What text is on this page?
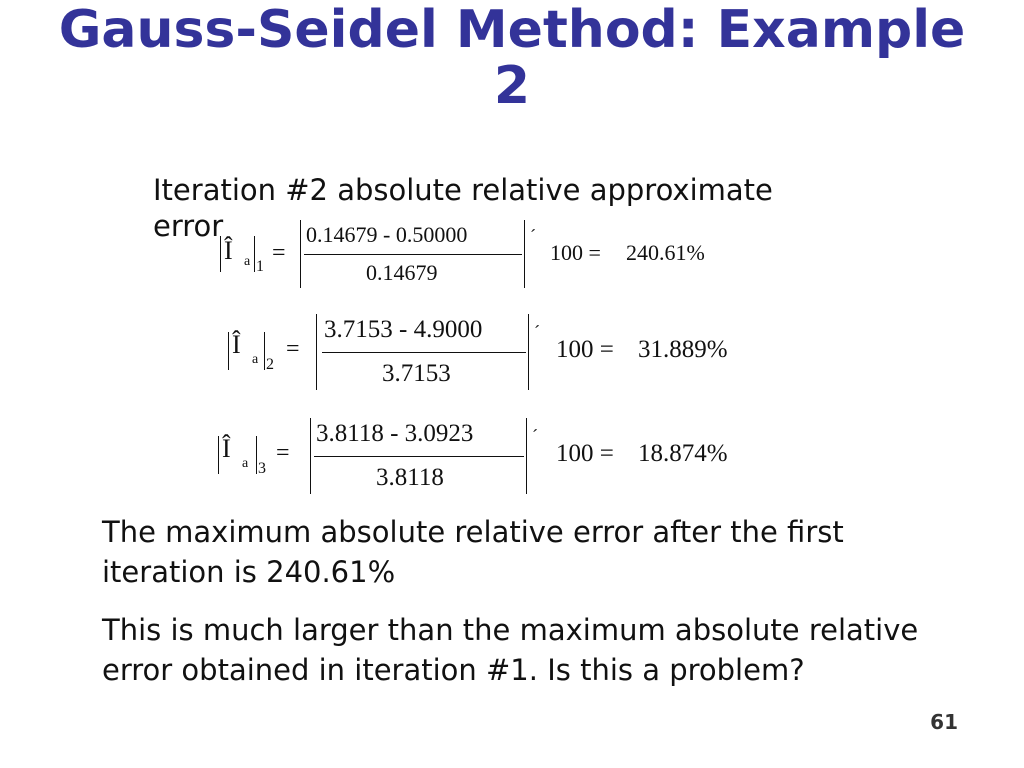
Gauss-Seidel Method: Example
2
Iteration #2 absolute relative approximate
error
Î a 1
=
0.14679 - 0.50000
0.14679
´
100 = 240.61%
Î
a 2
=
3.7153 - 4.9000
3.7153
´
100 = 31.889%
Î
a 3
=
3.8118 - 3.0923
3.8118
´
100 = 18.874%
The maximum absolute relative error after the first iteration is 240.61%
This is much larger than the maximum absolute relative error obtained in iteration #1. Is this a problem?
61
